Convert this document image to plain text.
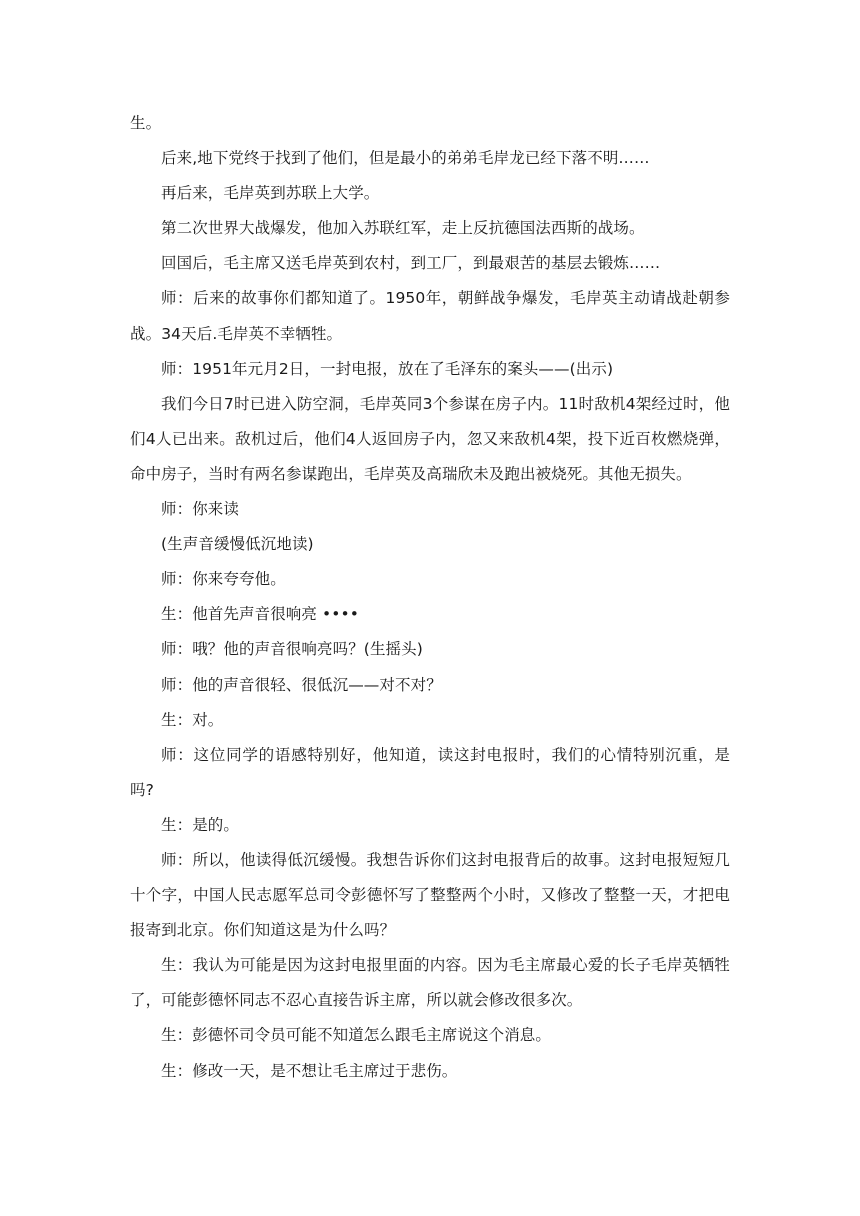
生。

后来,地下党终于找到了他们，但是最小的弟弟毛岸龙已经下落不明……

再后来，毛岸英到苏联上大学。

第二次世界大战爆发，他加入苏联红军，走上反抗德国法西斯的战场。

回国后，毛主席又送毛岸英到农村，到工厂，到最艰苦的基层去锻炼……

师：后来的故事你们都知道了。1950年，朝鲜战争爆发，毛岸英主动请战赴朝参战。34天后.毛岸英不幸牺牲。

师：1951年元月2日，一封电报，放在了毛泽东的案头——(出示)

我们今日7时已进入防空洞，毛岸英同3个参谋在房子内。11时敌机4架经过时，他们4人已出来。敌机过后，他们4人返回房子内，忽又来敌机4架，投下近百枚燃烧弹，命中房子，当时有两名参谋跑出，毛岸英及高瑞欣未及跑出被烧死。其他无损失。

师：你来读

(生声音缓慢低沉地读)

师：你来夸夸他。

生：他首先声音很响亮 ••••

师：哦？他的声音很响亮吗？(生摇头)

师：他的声音很轻、很低沉——对不对？

生：对。

师：这位同学的语感特别好，他知道，读这封电报时，我们的心情特别沉重，是吗?

生：是的。

师：所以，他读得低沉缓慢。我想告诉你们这封电报背后的故事。这封电报短短几十个字，中国人民志愿军总司令彭德怀写了整整两个小时，又修改了整整一天，才把电报寄到北京。你们知道这是为什么吗？

生：我认为可能是因为这封电报里面的内容。因为毛主席最心爱的长子毛岸英牺牲了，可能彭德怀同志不忍心直接告诉主席，所以就会修改很多次。

生：彭德怀司令员可能不知道怎么跟毛主席说这个消息。

生：修改一天，是不想让毛主席过于悲伤。
